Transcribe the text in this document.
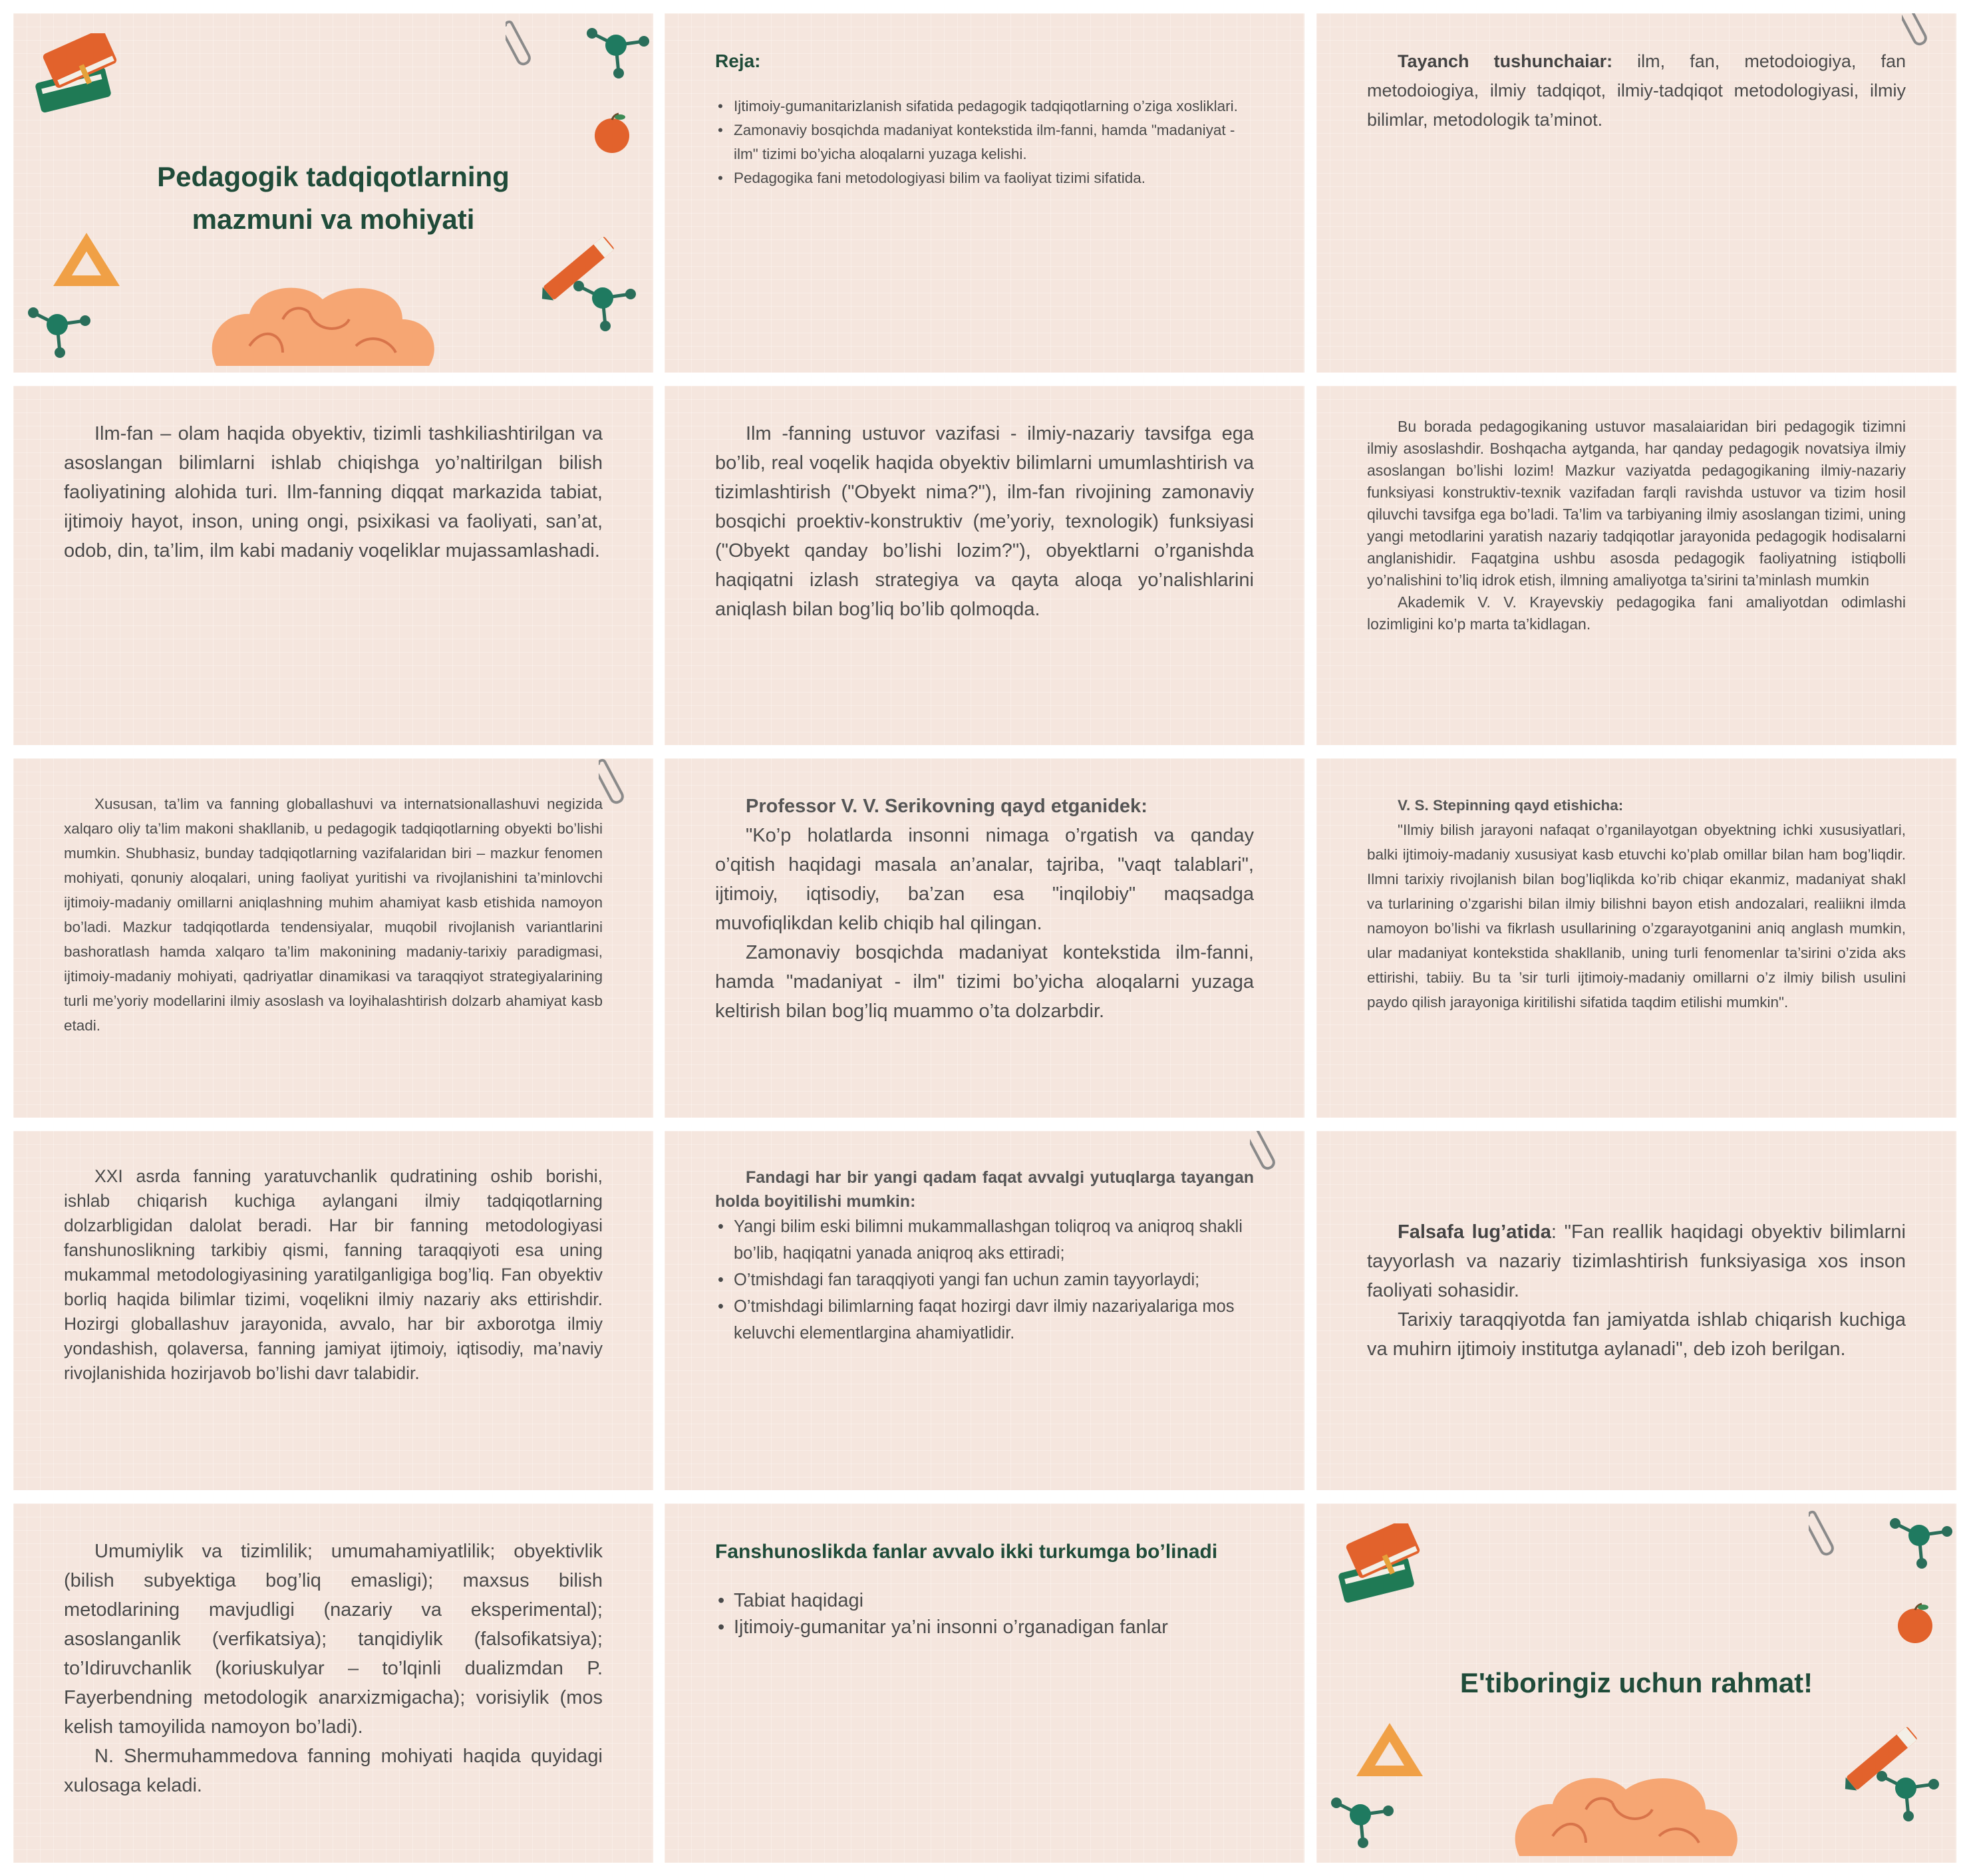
Pedagogik tadqiqotlarning
mazmuni va mohiyati
Reja:
• Ijtimoiy-gumanitarizlanish sifatida pedagogik tadqiqotlarning o’ziga xosliklari.
• Zamonaviy bosqichda madaniyat kontekstida ilm-fanni, hamda "madaniyat - ilm" tizimi bo’yicha aloqalarni yuzaga kelishi.
• Pedagogika fani metodologiyasi bilim va faoliyat tizimi sifatida.
Tayanch tushunchaiar: ilm, fan, metodoiogiya, fan metodoiogiya, ilmiy tadqiqot, ilmiy-tadqiqot metodologiyasi, ilmiy bilimlar, metodologik ta’minot.
Ilm-fan – olam haqida obyektiv, tizimli tashkiliashtirilgan va asoslangan bilimlarni ishlab chiqishga yo’naltirilgan bilish faoliyatining alohida turi. Ilm-fanning diqqat markazida tabiat, ijtimoiy hayot, inson, uning ongi, psixikasi va faoliyati, san’at, odob, din, ta’lim, ilm kabi madaniy voqeliklar mujassamlashadi.
Ilm -fanning ustuvor vazifasi - ilmiy-nazariy tavsifga ega bo’lib, real voqelik haqida obyektiv bilimlarni umumlashtirish va tizimlashtirish ("Obyekt nima?"), ilm-fan rivojining zamonaviy bosqichi proektiv-konstruktiv (me’yoriy, texnologik) funksiyasi ("Obyekt qanday bo’lishi lozim?"), obyektlarni o’rganishda haqiqatni izlash strategiya va qayta aloqa yo’nalishlarini aniqlash bilan bog’liq bo’lib qolmoqda.

Bu borada pedagogikaning ustuvor masalaiaridan biri pedagogik tizimni ilmiy asoslashdir. Boshqacha aytganda, har qanday pedagogik novatsiya ilmiy asoslangan bo’lishi lozim! Mazkur vaziyatda pedagogikaning ilmiy-nazariy funksiyasi konstruktiv-texnik vazifadan farqli ravishda ustuvor va tizim hosil qiluvchi tavsifga ega bo’ladi. Ta’lim va tarbiyaning ilmiy asoslangan tizimi, uning yangi metodlarini yaratish nazariy tadqiqotlar jarayonida pedagogik hodisalarni anglanishidir. Faqatgina ushbu asosda pedagogik faoliyatning istiqbolli yo’nalishini to’liq idrok etish, ilmning amaliyotga ta’sirini ta’minlash mumkin

Akademik V. V. Krayevskiy pedagogika fani amaliyotdan odimlashi lozimligini ko’p marta ta’kidlagan.

Xususan, ta’lim va fanning globallashuvi va internatsionallashuvi negizida xalqaro oliy ta’lim makoni shakllanib, u pedagogik tadqiqotlarning obyekti bo’lishi mumkin. Shubhasiz, bunday tadqiqotlarning vazifalaridan biri – mazkur fenomen mohiyati, qonuniy aloqalari, uning faoliyat yuritishi va rivojlanishini ta’minlovchi ijtimoiy-madaniy omillarni aniqlashning muhim ahamiyat kasb etishida namoyon bo’ladi. Mazkur tadqiqotlarda tendensiyalar, muqobil rivojlanish variantlarini bashoratlash hamda xalqaro ta’lim makonining madaniy-tarixiy paradigmasi, ijtimoiy-madaniy mohiyati, qadriyatlar dinamikasi va taraqqiyot strategiyalarining turli me’yoriy modellarini ilmiy asoslash va loyihalashtirish dolzarb ahamiyat kasb etadi.

Professor V. V. Serikovning qayd etganidek:

"Ko’p holatlarda insonni nimaga o’rgatish va qanday o’qitish haqidagi masala an’analar, tajriba, "vaqt talablari", ijtimoiy, iqtisodiy, ba’zan esa "inqilobiy" maqsadga muvofiqlikdan kelib chiqib hal qilingan.

Zamonaviy bosqichda madaniyat kontekstida ilm-fanni, hamda "madaniyat - ilm" tizimi bo’yicha aloqalarni yuzaga keltirish bilan bog’liq muammo o’ta dolzarbdir.

V. S. Stepinning qayd etishicha:

"Ilmiy bilish jarayoni nafaqat o’rganilayotgan obyektning ichki xususiyatlari, balki ijtimoiy-madaniy xususiyat kasb etuvchi ko’plab omillar bilan ham bog’liqdir. Ilmni tarixiy rivojlanish bilan bog’liqlikda ko’rib chiqar ekanmiz, madaniyat shakl va turlarining o’zgarishi bilan ilmiy bilishni bayon etish andozalari, realiikni ilmda namoyon bo’lishi va fikrlash usullarining o’zgarayotganini aniq anglash mumkin, ular madaniyat kontekstida shakllanib, uning turli fenomenlar ta’sirini o’zida aks ettirishi, tabiiy. Bu ta ’sir turli ijtimoiy-madaniy omillarni o’z ilmiy bilish usulini paydo qilish jarayoniga kiritilishi sifatida taqdim etilishi mumkin".

XXI asrda fanning yaratuvchanlik qudratining oshib borishi, ishlab chiqarish kuchiga aylangani ilmiy tadqiqotlarning dolzarbligidan dalolat beradi. Har bir fanning metodologiyasi fanshunoslikning tarkibiy qismi, fanning taraqqiyoti esa uning mukammal metodologiyasining yaratilganligiga bog’liq. Fan obyektiv borliq haqida bilimlar tizimi, voqelikni ilmiy nazariy aks ettirishdir. Hozirgi globallashuv jarayonida, avvalo, har bir axborotga ilmiy yondashish, qolaversa, fanning jamiyat ijtimoiy, iqtisodiy, ma’naviy rivojlanishida hozirjavob bo’lishi davr talabidir.

Fandagi har bir yangi qadam faqat avvalgi yutuqlarga tayangan holda boyitilishi mumkin:

• Yangi bilim eski bilimni mukammallashgan toliqroq va aniqroq shakli bo’lib, haqiqatni yanada aniqroq aks ettiradi;
• O’tmishdagi fan taraqqiyoti yangi fan uchun zamin tayyorlaydi;
• O’tmishdagi bilimlarning faqat hozirgi davr ilmiy nazariyalariga mos keluvchi elementlargina ahamiyatlidir.

Falsafa lug’atida: "Fan reallik haqidagi obyektiv bilimlarni tayyorlash va nazariy tizimlashtirish funksiyasiga xos inson faoliyati sohasidir.

Tarixiy taraqqiyotda fan jamiyatda ishlab chiqarish kuchiga va muhirn ijtimoiy institutga aylanadi", deb izoh berilgan.

Umumiylik va tizimlilik; umumahamiyatlilik; obyektivlik (bilish subyektiga bog’liq emasligi); maxsus bilish metodlarining mavjudligi (nazariy va eksperimental); asoslanganlik (verfikatsiya); tanqidiylik (falsofikatsiya); to’Idiruvchanlik (koriuskulyar – to’lqinli dualizmdan P. Fayerbendning metodologik anarxizmigacha); vorisiylik (mos kelish tamoyilida namoyon bo’ladi).

N. Shermuhammedova fanning mohiyati haqida quyidagi xulosaga keladi.

Fanshunoslikda fanlar avvalo ikki turkumga bo’linadi
• Tabiat haqidagi
• Ijtimoiy-gumanitar ya’ni insonni o’rganadigan fanlar
E'tiboringiz uchun rahmat!
